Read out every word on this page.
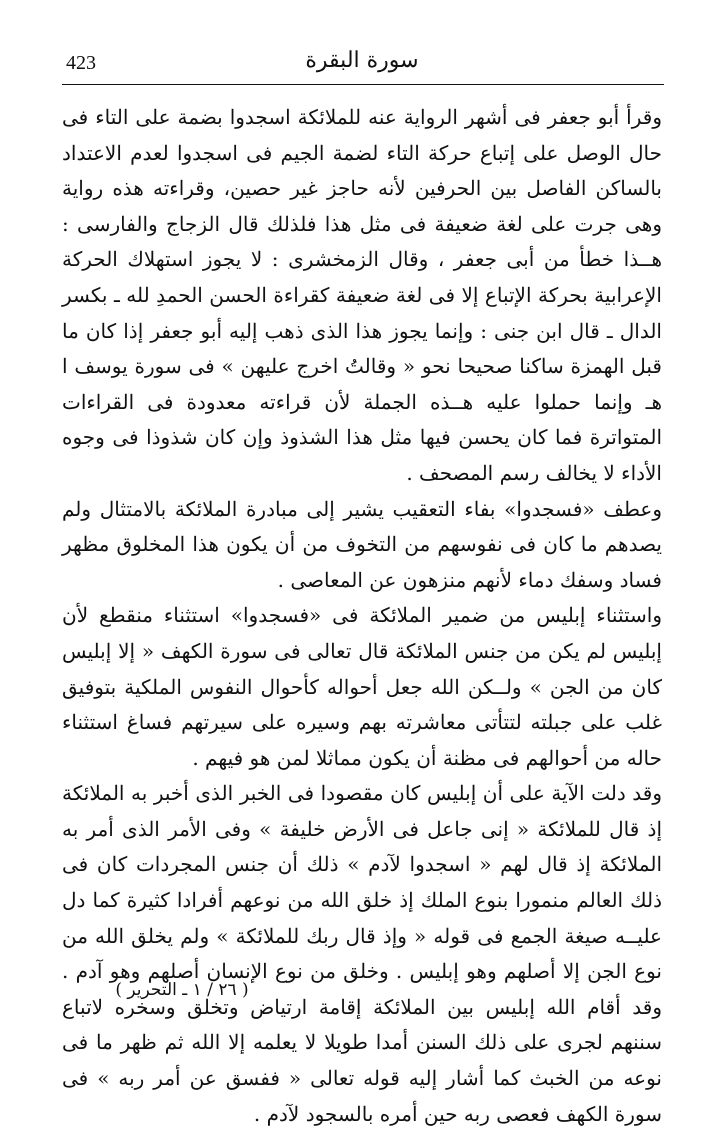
423	سورة البقرة

وقرأ أبو جعفر فى أشهر الرواية عنه للملائكة اسجدوا بضمة على التاء فى حال الوصل على إتباع حركة التاء لضمة الجيم فى اسجدوا لعدم الاعتداد بالساكن الفاصل بين الحرفين لأنه حاجز غير حصين، وقراءته هذه رواية وهى جرت على لغة ضعيفة فى مثل هذا فلذلك قال الزجاج والفارسى : هــذا خطأ من أبى جعفر ، وقال الزمخشرى : لا يجوز استهلاك الحركة الإعرابية بحركة الإتباع إلا فى لغة ضعيفة كقراءة الحسن الحمدِ لله ـ بكسر الدال ـ قال ابن جنى : وإنما يجوز هذا الذى ذهب إليه أبو جعفر إذا كان ما قبل الهمزة ساكنا صحيحا نحو « وقالتُ اخرج عليهن » فى سورة يوسف ا هـ وإنما حملوا عليه هــذه الجملة لأن قراءته معدودة فى القراءات المتواترة فما كان يحسن فيها مثل هذا الشذوذ وإن كان شذوذا فى وجوه الأداء لا يخالف رسم المصحف .

وعطف «فسجدوا» بفاء التعقيب يشير إلى مبادرة الملائكة بالامتثال ولم يصدهم ما كان فى نفوسهم من التخوف من أن يكون هذا المخلوق مظهر فساد وسفك دماء لأنهم منزهون عن المعاصى .

واستثناء إبليس من ضمير الملائكة فى «فسجدوا» استثناء منقطع لأن إبليس لم يكن من جنس الملائكة قال تعالى فى سورة الكهف « إلا إبليس كان من الجن » ولــكن الله جعل أحواله كأحوال النفوس الملكية بتوفيق غلب على جبلته لتتأتى معاشرته بهم وسيره على سيرتهم فساغ استثناء حاله من أحوالهم فى مظنة أن يكون مماثلا لمن هو فيهم .

وقد دلت الآية على أن إبليس كان مقصودا فى الخبر الذى أخبر به الملائكة إذ قال للملائكة « إنى جاعل فى الأرض خليفة » وفى الأمر الذى أمر به الملائكة إذ قال لهم « اسجدوا لآدم » ذلك أن جنس المجردات كان فى ذلك العالم منمورا بنوع الملك إذ خلق الله من نوعهم أفرادا كثيرة كما دل عليــه صيغة الجمع فى قوله « وإذ قال ربك للملائكة » ولم يخلق الله من نوع الجن إلا أصلهم وهو إبليس . وخلق من نوع الإنسان أصلهم وهو آدم . وقد أقام الله إبليس بين الملائكة إقامة ارتياض وتخلق وسخره لاتباع سننهم لجرى على ذلك السنن أمدا طويلا لا يعلمه إلا الله ثم ظهر ما فى نوعه من الخبث كما أشار إليه قوله تعالى « ففسق عن أمر ربه » فى سورة الكهف فعصى ربه حين أمره بالسجود لآدم .

( ٢٦ / ١ ـ التحرير )
